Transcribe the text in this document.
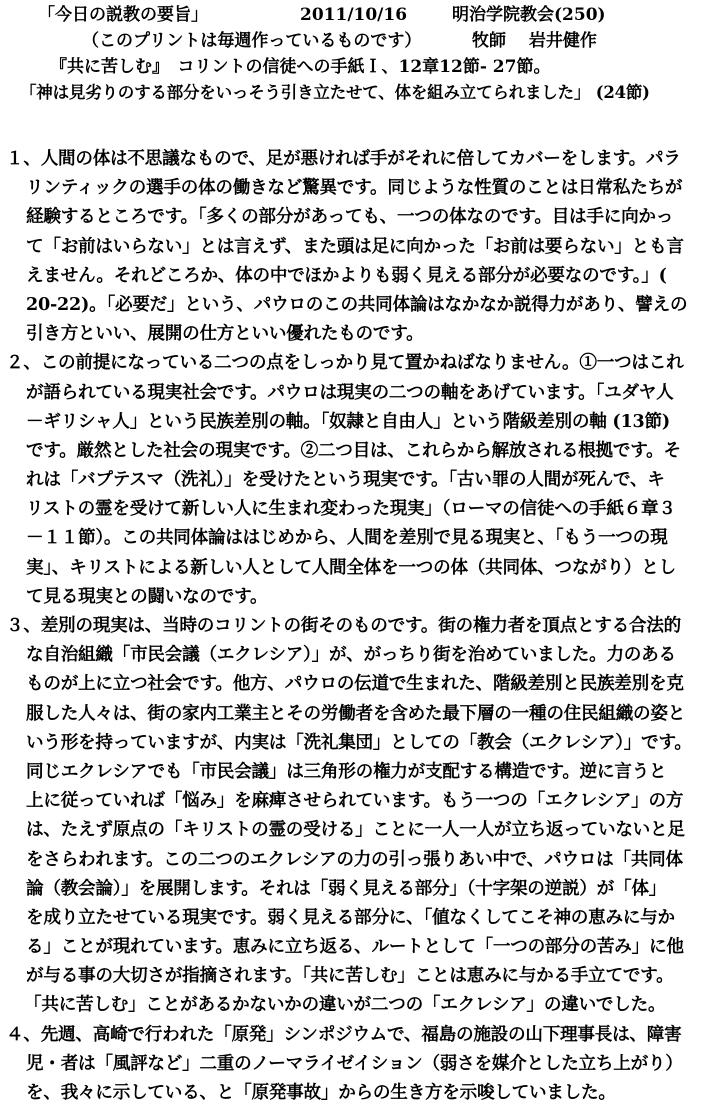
「今日の説教の要旨」	2011/10/16	明治学院教会(250)
（このプリントは毎週作っているものです）	牧師　 岩井健作
『共に苦しむ』　コリントの信徒への手紙Ｉ、12章12節- 27節。
「神は見劣りのする部分をいっそう引き立たせて、体を組み立てられました」 (24節)
１、人間の体は不思議なもので、足が悪ければ手がそれに倍してカバーをします。パラ
リンティックの選手の体の働きなど驚異です。同じような性質のことは日常私たちが
経験するところです。「多くの部分があっても、一つの体なのです。目は手に向かっ
て「お前はいらない」とは言えず、また頭は足に向かった「お前は要らない」とも言
えません。それどころか、体の中でほかよりも弱く見える部分が必要なのです。」(
20-22)。「必要だ」という、パウロのこの共同体論はなかなか説得力があり、譬えの
引き方といい、展開の仕方といい優れたものです。
２、この前提になっている二つの点をしっかり見て置かねばなりません。①一つはこれ
が語られている現実社会です。パウロは現実の二つの軸をあげています。「ユダヤ人
－ギリシャ人」という民族差別の軸。「奴隷と自由人」という階級差別の軸 (13節)
です。厳然とした社会の現実です。②二つ目は、これらから解放される根拠です。そ
れは「バプテスマ（洗礼）」を受けたという現実です。「古い罪の人間が死んで、キ
リストの霊を受けて新しい人に生まれ変わった現実」（ローマの信徒への手紙６章３
－１１節）。この共同体論ははじめから、人間を差別で見る現実と、「もう一つの現
実」、キリストによる新しい人として人間全体を一つの体（共同体、つながり）とし
て見る現実との闘いなのです。
３、差別の現実は、当時のコリントの街そのものです。街の権力者を頂点とする合法的
な自治組織「市民会議（エクレシア）」が、がっちり街を治めていました。力のある
ものが上に立つ社会です。他方、パウロの伝道で生まれた、階級差別と民族差別を克
服した人々は、街の家内工業主とその労働者を含めた最下層の一種の住民組織の姿と
いう形を持っていますが、内実は「洗礼集団」としての「教会（エクレシア）」です。
同じエクレシアでも「市民会議」は三角形の権力が支配する構造です。逆に言うと
上に従っていれば「悩み」を麻痺させられています。もう一つの「エクレシア」の方
は、たえず原点の「キリストの霊の受ける」ことに一人一人が立ち返っていないと足
をさらわれます。この二つのエクレシアの力の引っ張りあい中で、パウロは「共同体
論（教会論）」を展開します。それは「弱く見える部分」（十字架の逆説）が「体」
を成り立たせている現実です。弱く見える部分に、「値なくしてこそ神の恵みに与か
る」ことが現れています。恵みに立ち返る、ルートとして「一つの部分の苦み」に他
が与る事の大切さが指摘されます。「共に苦しむ」ことは恵みに与かる手立てです。
「共に苦しむ」ことがあるかないかの違いが二つの「エクレシア」の違いでした。
４、先週、高崎で行われた「原発」シンポジウムで、福島の施設の山下理事長は、障害
児・者は「風評など」二重のノーマライゼイション（弱さを媒介とした立ち上がり）
を、我々に示している、と「原発事故」からの生き方を示唆していました。
